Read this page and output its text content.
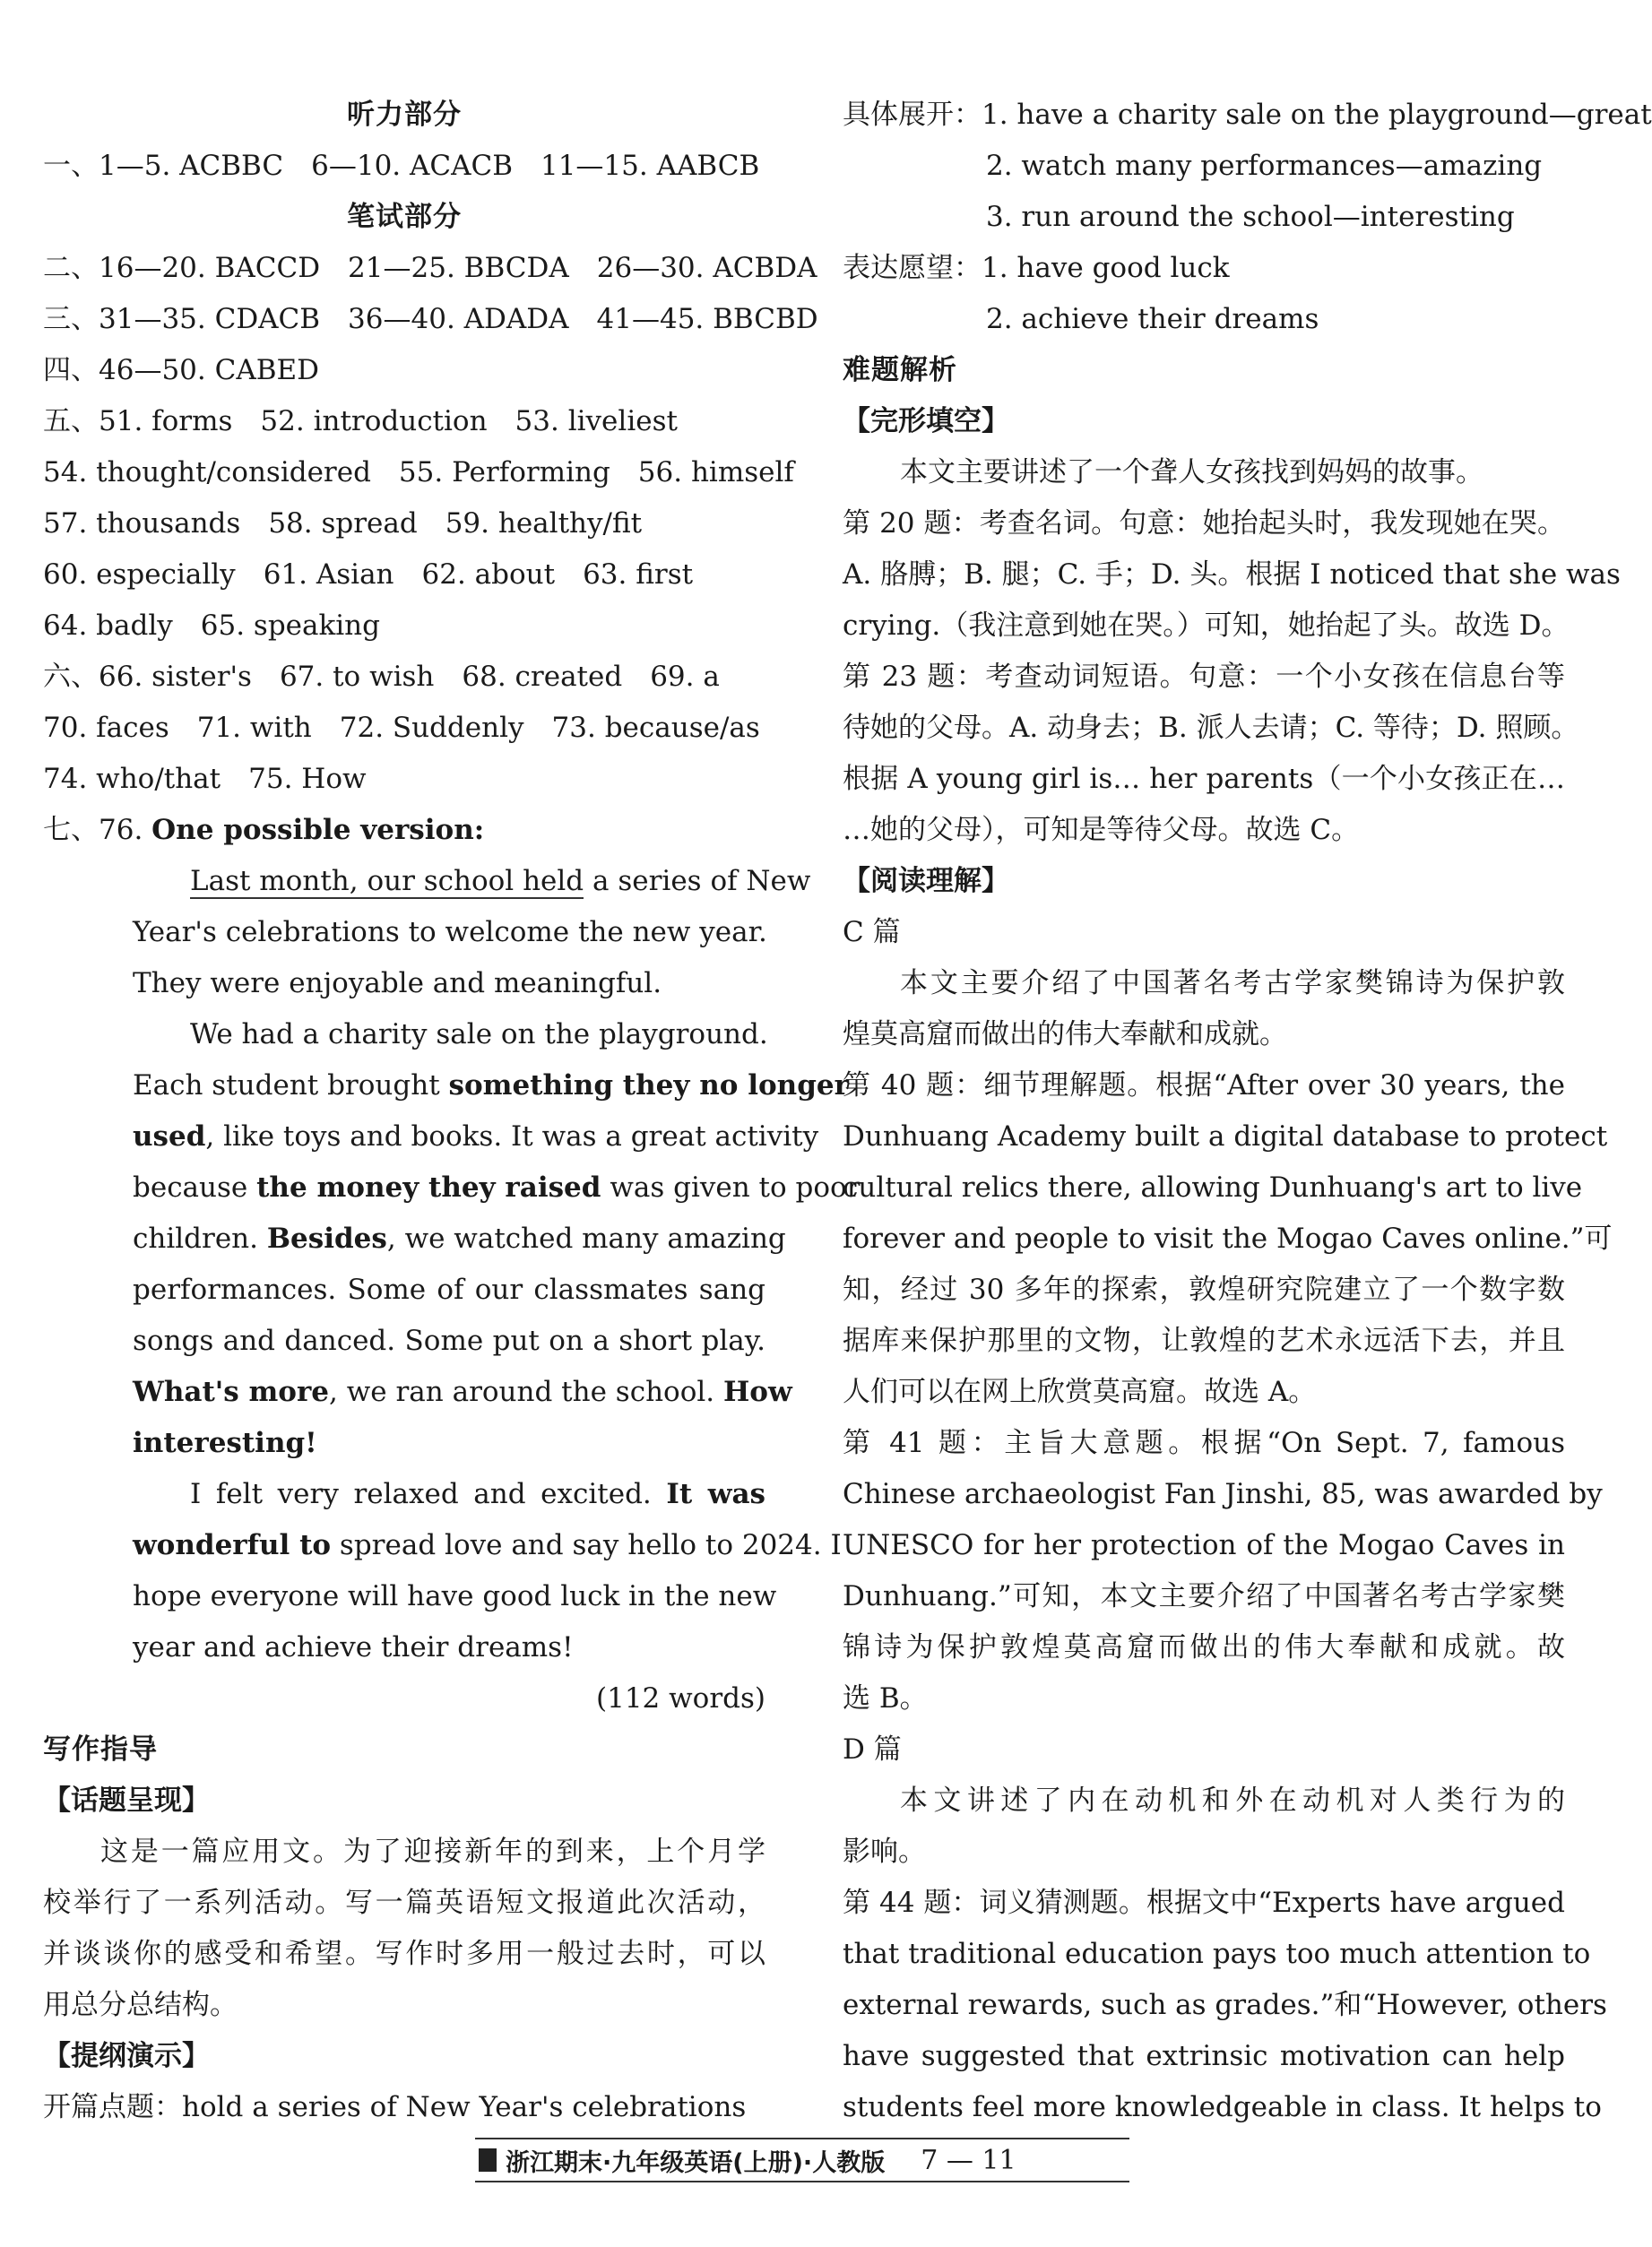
听力部分
一、1—5. ACBBC　6—10. ACACB　11—15. AABCB
笔试部分
二、16—20. BACCD　21—25. BBCDA　26—30. ACBDA
三、31—35. CDACB　36—40. ADADA　41—45. BBCBD
四、46—50. CABED
五、51. forms　52. introduction　53. liveliest
54. thought/considered　55. Performing　56. himself
57. thousands　58. spread　59. healthy/fit
60. especially　61. Asian　62. about　63. first
64. badly　65. speaking
六、66. sister's　67. to wish　68. created　69. a
70. faces　71. with　72. Suddenly　73. because/as
74. who/that　75. How
七、76. One possible version:
Last month, our school held a series of New
Year's celebrations to welcome the new year.
They were enjoyable and meaningful.
We had a charity sale on the playground.
Each student brought something they no longer
used, like toys and books. It was a great activity
because the money they raised was given to poor
children. Besides, we watched many amazing
performances. Some of our classmates sang
songs and danced. Some put on a short play.
What's more, we ran around the school. How
interesting!
I felt very relaxed and excited. It was
wonderful to spread love and say hello to 2024. I
hope everyone will have good luck in the new
year and achieve their dreams!
(112 words)
写作指导
【话题呈现】
这是一篇应用文。为了迎接新年的到来，上个月学
校举行了一系列活动。写一篇英语短文报道此次活动，
并谈谈你的感受和希望。写作时多用一般过去时，可以
用总分总结构。
【提纲演示】
开篇点题：hold a series of New Year's celebrations
具体展开：1. have a charity sale on the playground—great
2. watch many performances—amazing
3. run around the school—interesting
表达愿望：1. have good luck
2. achieve their dreams
难题解析
【完形填空】
本文主要讲述了一个聋人女孩找到妈妈的故事。
第 20 题：考查名词。句意：她抬起头时，我发现她在哭。
A. 胳膊；B. 腿；C. 手；D. 头。根据 I noticed that she was
crying.（我注意到她在哭。）可知，她抬起了头。故选 D。
第 23 题：考查动词短语。句意：一个小女孩在信息台等
待她的父母。A. 动身去；B. 派人去请；C. 等待；D. 照顾。
根据 A young girl is… her parents（一个小女孩正在…
…她的父母），可知是等待父母。故选 C。
【阅读理解】
C 篇
本文主要介绍了中国著名考古学家樊锦诗为保护敦
煌莫高窟而做出的伟大奉献和成就。
第 40 题：细节理解题。根据“After over 30 years, the
Dunhuang Academy built a digital database to protect
cultural relics there, allowing Dunhuang's art to live
forever and people to visit the Mogao Caves online.”可
知，经过 30 多年的探索，敦煌研究院建立了一个数字数
据库来保护那里的文物，让敦煌的艺术永远活下去，并且
人们可以在网上欣赏莫高窟。故选 A。
第 41 题：主旨大意题。根据“On Sept. 7, famous
Chinese archaeologist Fan Jinshi, 85, was awarded by
UNESCO for her protection of the Mogao Caves in
Dunhuang.”可知，本文主要介绍了中国著名考古学家樊
锦诗为保护敦煌莫高窟而做出的伟大奉献和成就。故
选 B。
D 篇
本文讲述了内在动机和外在动机对人类行为的
影响。
第 44 题：词义猜测题。根据文中“Experts have argued
that traditional education pays too much attention to
external rewards, such as grades.”和“However, others
have suggested that extrinsic motivation can help
students feel more knowledgeable in class. It helps to
浙江期末·九年级英语(上册)·人教版 7 — 11
